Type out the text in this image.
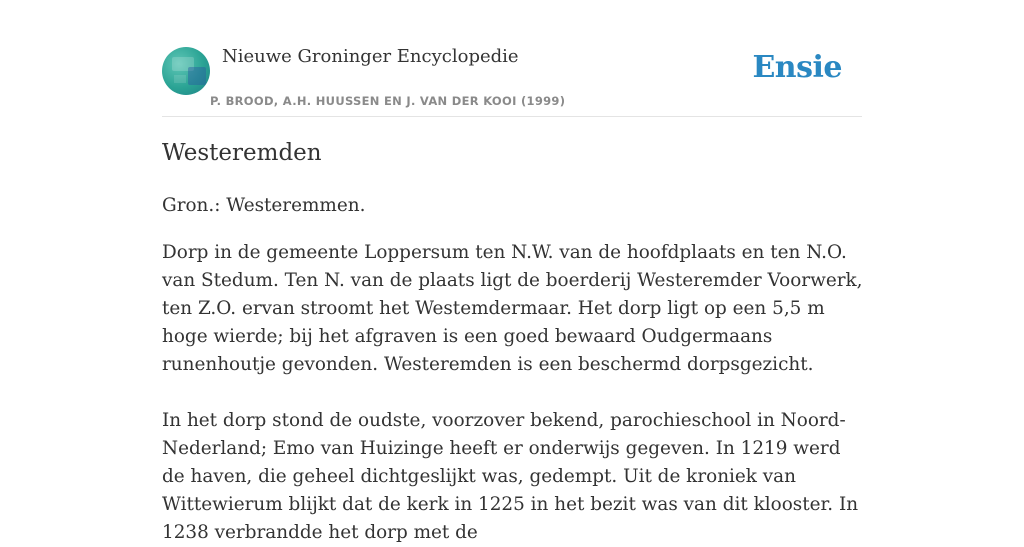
Nieuwe Groninger Encyclopedie
P. BROOD, A.H. HUUSSEN EN J. VAN DER KOOI (1999)
Ensie
Westeremden

Gron.: Westeremmen.

Dorp in de gemeente Loppersum ten N.W. van de hoofdplaats en ten N.O. van Stedum. Ten N. van de plaats ligt de boerderij Westeremder Voorwerk, ten Z.O. ervan stroomt het Westemdermaar. Het dorp ligt op een 5,5 m hoge wierde; bij het afgraven is een goed bewaard Oudgermaans runenhoutje gevonden. Westeremden is een beschermd dorpsgezicht.

In het dorp stond de oudste, voorzover bekend, parochieschool in Noord-Nederland; Emo van Huizinge heeft er onderwijs gegeven. In 1219 werd de haven, die geheel dichtgeslijkt was, gedempt. Uit de kroniek van Wittewierum blijkt dat de kerk in 1225 in het bezit was van dit klooster. In 1238 verbrandde het dorp met de
